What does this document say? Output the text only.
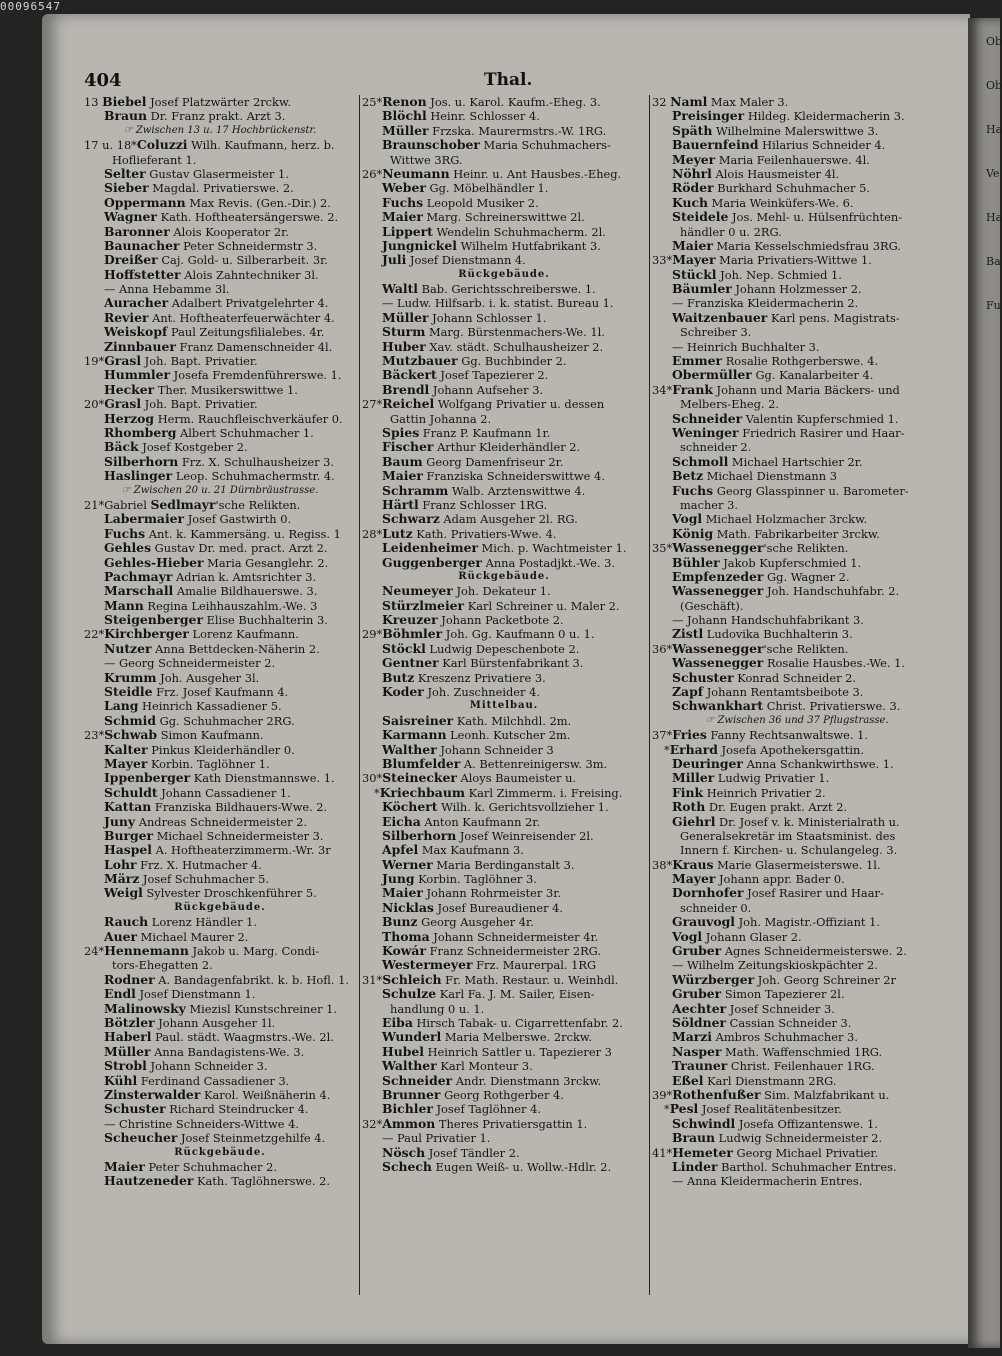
00096547
Ob
Ob
Ha
Ve
Ha
Ba
Fu
404	Thal.
13 Biebel Josef Platzwärter 2rckw.
Braun Dr. Franz prakt. Arzt 3.
☞ Zwischen 13 u. 17 Hochbrückenstr.
17 u. 18*Coluzzi Wilh. Kaufmann, herz. b.
Hoflieferant 1.
Selter Gustav Glasermeister 1.
Sieber Magdal. Privatierswe. 2.
Oppermann Max Revis. (Gen.-Dir.) 2.
Wagner Kath. Hoftheatersängerswe. 2.
Baronner Alois Kooperator 2r.
Baunacher Peter Schneidermstr 3.
Dreißer Caj. Gold- u. Silberarbeit. 3r.
Hoffstetter Alois Zahntechniker 3l.
— Anna Hebamme 3l.
Auracher Adalbert Privatgelehrter 4.
Revier Ant. Hoftheaterfeuerwächter 4.
Weiskopf Paul Zeitungsfilialebes. 4r.
Zinnbauer Franz Damenschneider 4l.
19*Grasl Joh. Bapt. Privatier.
Hummler Josefa Fremdenführerswe. 1.
Hecker Ther. Musikerswittwe 1.
20*Grasl Joh. Bapt. Privatier.
Herzog Herm. Rauchfleischverkäufer 0.
Rhomberg Albert Schuhmacher 1.
Bäck Josef Kostgeber 2.
Silberhorn Frz. X. Schulhausheizer 3.
Haslinger Leop. Schuhmachermstr. 4.
☞ Zwischen 20 u. 21 Dürnbräustrasse.
21*Gabriel Sedlmayr'sche Relikten.
Labermaier Josef Gastwirth 0.
Fuchs Ant. k. Kammersäng. u. Regiss. 1
Gehles Gustav Dr. med. pract. Arzt 2.
Gehles-Hieber Maria Gesanglehr. 2.
Pachmayr Adrian k. Amtsrichter 3.
Marschall Amalie Bildhauerswe. 3.
Mann Regina Leihhauszahlm.-We. 3
Steigenberger Elise Buchhalterin 3.
22*Kirchberger Lorenz Kaufmann.
Nutzer Anna Bettdecken-Näherin 2.
— Georg Schneidermeister 2.
Krumm Joh. Ausgeher 3l.
Steidle Frz. Josef Kaufmann 4.
Lang Heinrich Kassadiener 5.
Schmid Gg. Schuhmacher 2RG.
23*Schwab Simon Kaufmann.
Kalter Pinkus Kleiderhändler 0.
Mayer Korbin. Taglöhner 1.
Ippenberger Kath Dienstmannswe. 1.
Schuldt Johann Cassadiener 1.
Kattan Franziska Bildhauers-Wwe. 2.
Juny Andreas Schneidermeister 2.
Burger Michael Schneidermeister 3.
Haspel A. Hoftheaterzimmerm.-Wr. 3r
Lohr Frz. X. Hutmacher 4.
März Josef Schuhmacher 5.
Weigl Sylvester Droschkenführer 5.
Rückgebäude.
Rauch Lorenz Händler 1.
Auer Michael Maurer 2.
24*Hennemann Jakob u. Marg. Condi-
tors-Ehegatten 2.
Rodner A. Bandagenfabrikt. k. b. Hofl. 1.
Endl Josef Dienstmann 1.
Malinowsky Miezisl Kunstschreiner 1.
Bötzler Johann Ausgeher 1l.
Haberl Paul. städt. Waagmstrs.-We. 2l.
Müller Anna Bandagistens-We. 3.
Strobl Johann Schneider 3.
Kühl Ferdinand Cassadiener 3.
Zinsterwalder Karol. Weißnäherin 4.
Schuster Richard Steindrucker 4.
— Christine Schneiders-Wittwe 4.
Scheucher Josef Steinmetzgehilfe 4.
Rückgebäude.
Maier Peter Schuhmacher 2.
Hautzeneder Kath. Taglöhnerswe. 2.
25*Renon Jos. u. Karol. Kaufm.-Eheg. 3.
Blöchl Heinr. Schlosser 4.
Müller Frzska. Maurermstrs.-W. 1RG.
Braunschober Maria Schuhmachers-
Wittwe 3RG.
26*Neumann Heinr. u. Ant Hausbes.-Eheg.
Weber Gg. Möbelhändler 1.
Fuchs Leopold Musiker 2.
Maier Marg. Schreinerswittwe 2l.
Lippert Wendelin Schuhmacherm. 2l.
Jungnickel Wilhelm Hutfabrikant 3.
Juli Josef Dienstmann 4.
Rückgebäude.
Waltl Bab. Gerichtsschreiberswe. 1.
— Ludw. Hilfsarb. i. k. statist. Bureau 1.
Müller Johann Schlosser 1.
Sturm Marg. Bürstenmachers-We. 1l.
Huber Xav. städt. Schulhausheizer 2.
Mutzbauer Gg. Buchbinder 2.
Bäckert Josef Tapezierer 2.
Brendl Johann Aufseher 3.
27*Reichel Wolfgang Privatier u. dessen
Gattin Johanna 2.
Spies Franz P. Kaufmann 1r.
Fischer Arthur Kleiderhändler 2.
Baum Georg Damenfriseur 2r.
Maier Franziska Schneiderswittwe 4.
Schramm Walb. Arztenswittwe 4.
Härtl Franz Schlosser 1RG.
Schwarz Adam Ausgeher 2l. RG.
28*Lutz Kath. Privatiers-Wwe. 4.
Leidenheimer Mich. p. Wachtmeister 1.
Guggenberger Anna Postadjkt.-We. 3.
Rückgebäude.
Neumeyer Joh. Dekateur 1.
Stürzlmeier Karl Schreiner u. Maler 2.
Kreuzer Johann Packetbote 2.
29*Böhmler Joh. Gg. Kaufmann 0 u. 1.
Stöckl Ludwig Depeschenbote 2.
Gentner Karl Bürstenfabrikant 3.
Butz Kreszenz Privatiere 3.
Koder Joh. Zuschneider 4.
Mittelbau.
Saisreiner Kath. Milchhdl. 2m.
Karmann Leonh. Kutscher 2m.
Walther Johann Schneider 3
Blumfelder A. Bettenreinigersw. 3m.
30*Steinecker Aloys Baumeister u.
*Kriechbaum Karl Zimmerm. i. Freising.
Köchert Wilh. k. Gerichtsvollzieher 1.
Eicha Anton Kaufmann 2r.
Silberhorn Josef Weinreisender 2l.
Apfel Max Kaufmann 3.
Werner Maria Berdinganstalt 3.
Jung Korbin. Taglöhner 3.
Maier Johann Rohrmeister 3r.
Nicklas Josef Bureaudiener 4.
Bunz Georg Ausgeher 4r.
Thoma Johann Schneidermeister 4r.
Kowár Franz Schneidermeister 2RG.
Westermeyer Frz. Maurerpal. 1RG
31*Schleich Fr. Math. Restaur. u. Weinhdl.
Schulze Karl Fa. J. M. Sailer, Eisen-
handlung 0 u. 1.
Eiba Hirsch Tabak- u. Cigarrettenfabr. 2.
Wunderl Maria Melberswe. 2rckw.
Hubel Heinrich Sattler u. Tapezierer 3
Walther Karl Monteur 3.
Schneider Andr. Dienstmann 3rckw.
Brunner Georg Rothgerber 4.
Bichler Josef Taglöhner 4.
32*Ammon Theres Privatiersgattin 1.
— Paul Privatier 1.
Nösch Josef Tändler 2.
Schech Eugen Weiß- u. Wollw.-Hdlr. 2.
32 Naml Max Maler 3.
Preisinger Hildeg. Kleidermacherin 3.
Späth Wilhelmine Malerswittwe 3.
Bauernfeind Hilarius Schneider 4.
Meyer Maria Feilenhauerswe. 4l.
Nöhrl Alois Hausmeister 4l.
Röder Burkhard Schuhmacher 5.
Kuch Maria Weinküfers-We. 6.
Steidele Jos. Mehl- u. Hülsenfrüchten-
händler 0 u. 2RG.
Maier Maria Kesselschmiedsfrau 3RG.
33*Mayer Maria Privatiers-Wittwe 1.
Stückl Joh. Nep. Schmied 1.
Bäumler Johann Holzmesser 2.
— Franziska Kleidermacherin 2.
Waitzenbauer Karl pens. Magistrats-
Schreiber 3.
— Heinrich Buchhalter 3.
Emmer Rosalie Rothgerberswe. 4.
Obermüller Gg. Kanalarbeiter 4.
34*Frank Johann und Maria Bäckers- und
Melbers-Eheg. 2.
Schneider Valentin Kupferschmied 1.
Weninger Friedrich Rasirer und Haar-
schneider 2.
Schmoll Michael Hartschier 2r.
Betz Michael Dienstmann 3
Fuchs Georg Glasspinner u. Barometer-
macher 3.
Vogl Michael Holzmacher 3rckw.
König Math. Fabrikarbeiter 3rckw.
35*Wassenegger'sche Relikten.
Bühler Jakob Kupferschmied 1.
Empfenzeder Gg. Wagner 2.
Wassenegger Joh. Handschuhfabr. 2.
(Geschäft).
— Johann Handschuhfabrikant 3.
Zistl Ludovika Buchhalterin 3.
36*Wassenegger'sche Relikten.
Wassenegger Rosalie Hausbes.-We. 1.
Schuster Konrad Schneider 2.
Zapf Johann Rentamtsbeibote 3.
Schwankhart Christ. Privatierswe. 3.
☞ Zwischen 36 und 37 Pflugstrasse.
37*Fries Fanny Rechtsanwaltswe. 1.
*Erhard Josefa Apothekersgattin.
Deuringer Anna Schankwirthswe. 1.
Miller Ludwig Privatier 1.
Fink Heinrich Privatier 2.
Roth Dr. Eugen prakt. Arzt 2.
Giehrl Dr. Josef v. k. Ministerialrath u.
Generalsekretär im Staatsminist. des
Innern f. Kirchen- u. Schulangeleg. 3.
38*Kraus Marie Glasermeisterswe. 1l.
Mayer Johann appr. Bader 0.
Dornhofer Josef Rasirer und Haar-
schneider 0.
Grauvogl Joh. Magistr.-Offiziant 1.
Vogl Johann Glaser 2.
Gruber Agnes Schneidermeisterswe. 2.
— Wilhelm Zeitungskioskpächter 2.
Würzberger Joh. Georg Schreiner 2r
Gruber Simon Tapezierer 2l.
Aechter Josef Schneider 3.
Söldner Cassian Schneider 3.
Marzi Ambros Schuhmacher 3.
Nasper Math. Waffenschmied 1RG.
Trauner Christ. Feilenhauer 1RG.
Eßel Karl Dienstmann 2RG.
39*Rothenfußer Sim. Malzfabrikant u.
*Pesl Josef Realitätenbesitzer.
Schwindl Josefa Offizantenswe. 1.
Braun Ludwig Schneidermeister 2.
41*Hemeter Georg Michael Privatier.
Linder Barthol. Schuhmacher Entres.
— Anna Kleidermacherin Entres.
